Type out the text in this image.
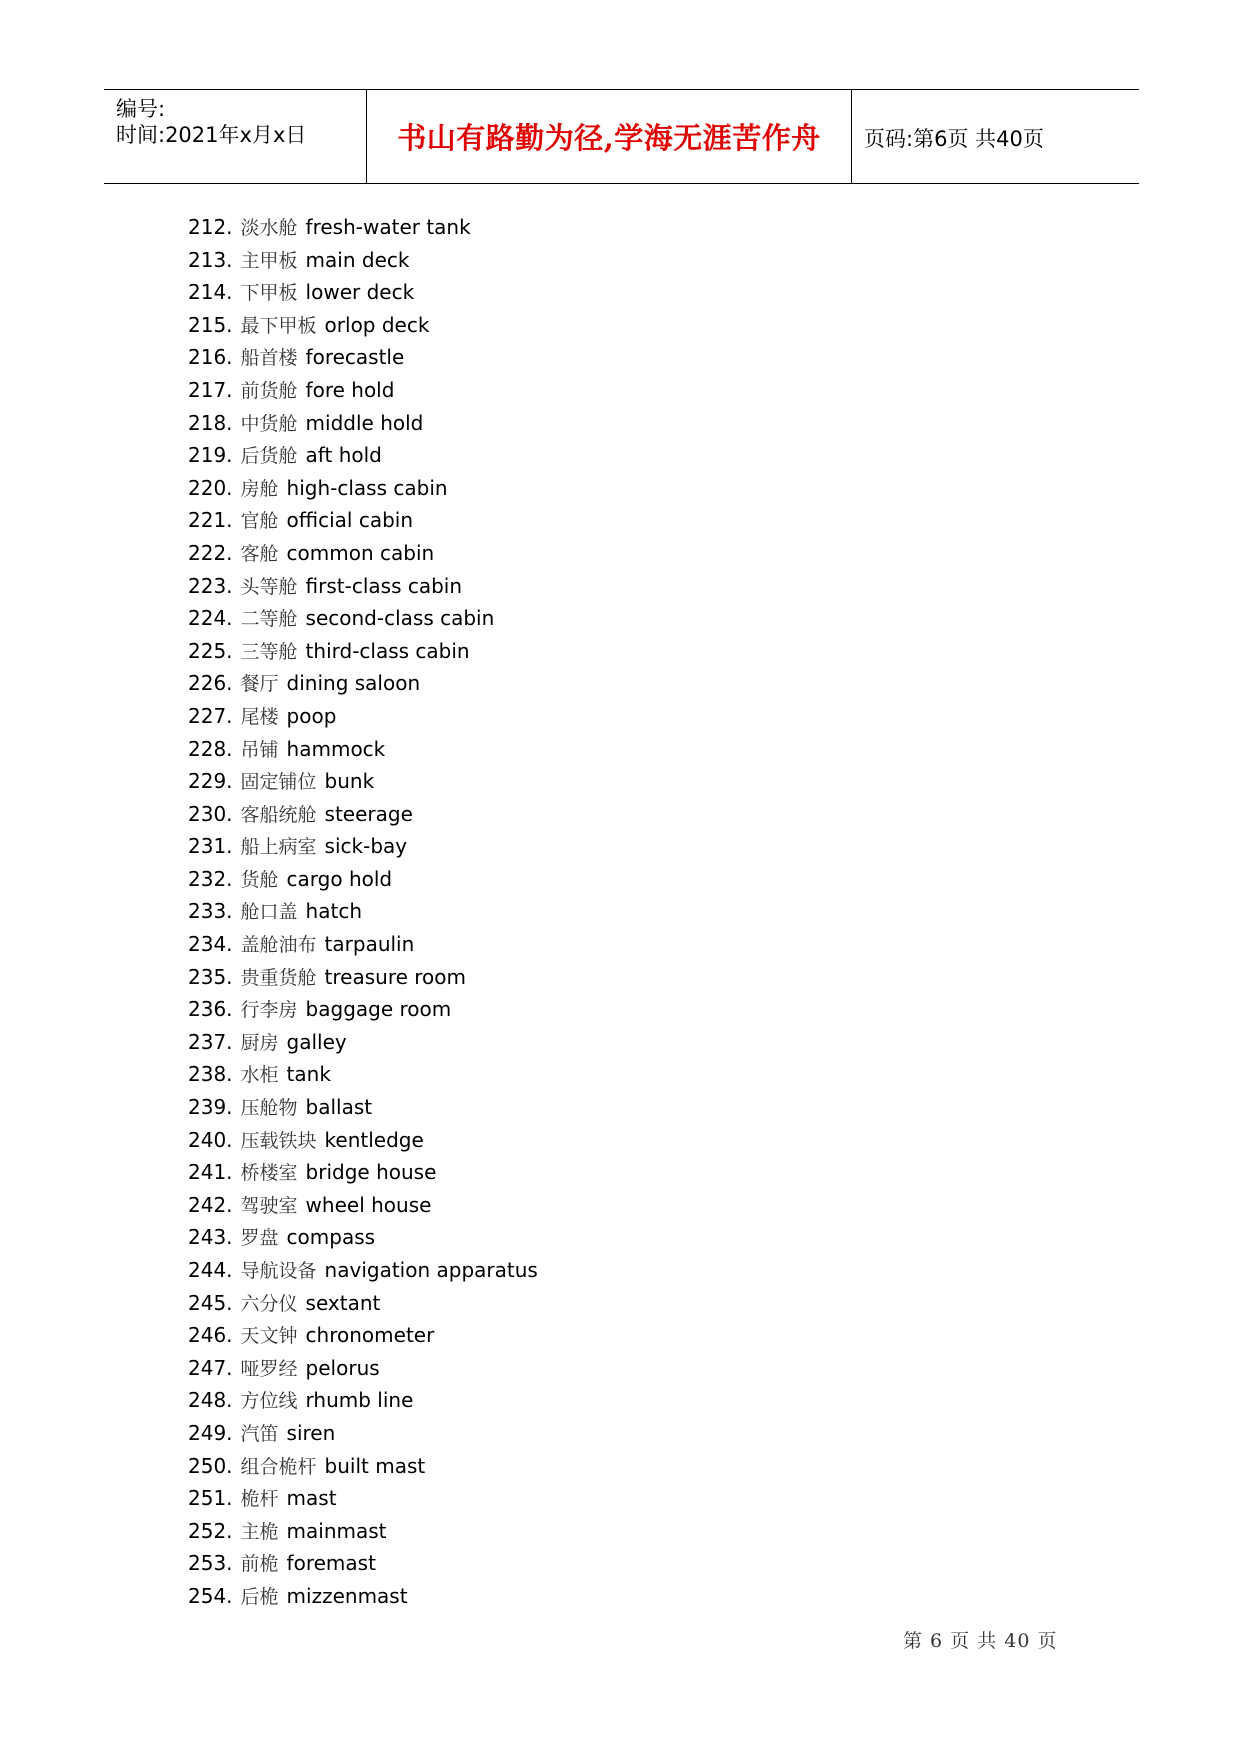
编号:
时间:2021年x月x日	书山有路勤为径,学海无涯苦作舟	页码:第6页 共40页
212. 淡水舱 fresh-water tank
213. 主甲板 main deck
214. 下甲板 lower deck
215. 最下甲板 orlop deck
216. 船首楼 forecastle
217. 前货舱 fore hold
218. 中货舱 middle hold
219. 后货舱 aft hold
220. 房舱 high-class cabin
221. 官舱 official cabin
222. 客舱 common cabin
223. 头等舱 first-class cabin
224. 二等舱 second-class cabin
225. 三等舱 third-class cabin
226. 餐厅 dining saloon
227. 尾楼 poop
228. 吊铺 hammock
229. 固定铺位 bunk
230. 客船统舱 steerage
231. 船上病室 sick-bay
232. 货舱 cargo hold
233. 舱口盖 hatch
234. 盖舱油布 tarpaulin
235. 贵重货舱 treasure room
236. 行李房 baggage room
237. 厨房 galley
238. 水柜 tank
239. 压舱物 ballast
240. 压载铁块 kentledge
241. 桥楼室 bridge house
242. 驾驶室 wheel house
243. 罗盘 compass
244. 导航设备 navigation apparatus
245. 六分仪 sextant
246. 天文钟 chronometer
247. 哑罗经 pelorus
248. 方位线 rhumb line
249. 汽笛 siren
250. 组合桅杆 built mast
251. 桅杆 mast
252. 主桅 mainmast
253. 前桅 foremast
254. 后桅 mizzenmast
第 6 页 共 40 页
